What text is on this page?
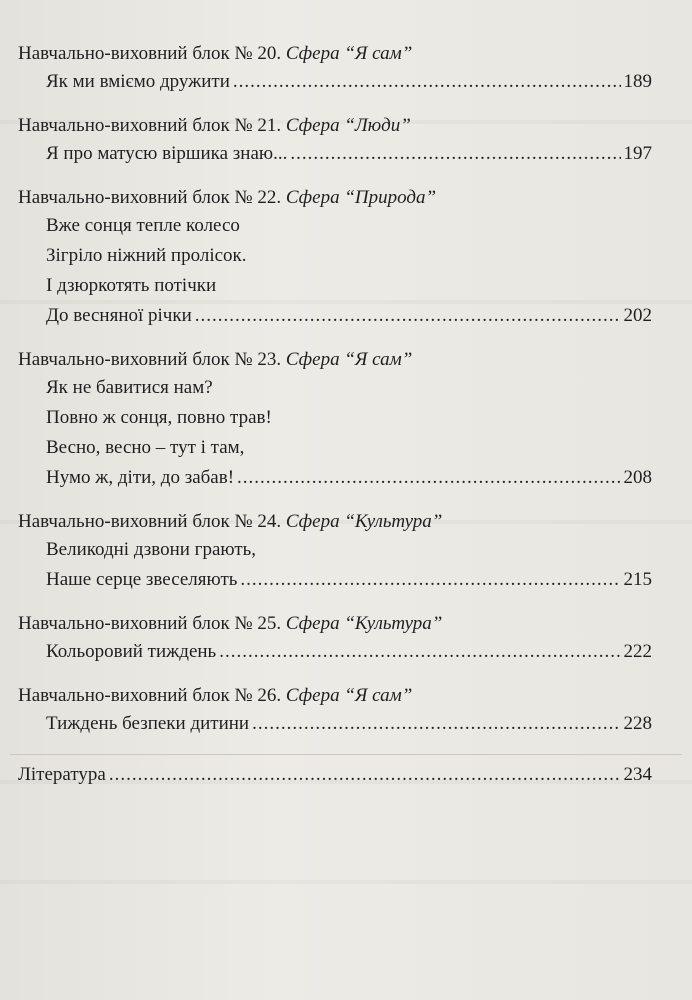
Навчально-виховний блок № 20. Сфера “Я сам”
Як ми вміємо дружити .....	189
Навчально-виховний блок № 21. Сфера “Люди”
Я про матусю віршика знаю... .....	197
Навчально-виховний блок № 22. Сфера “Природа”
Вже сонця тепле колесо
Зігріло ніжний пролісок.
І дзюркотять потічки
До весняної річки .....	202
Навчально-виховний блок № 23. Сфера “Я сам”
Як не бавитися нам?
Повно ж сонця, повно трав!
Весно, весно – тут і там,
Нумо ж, діти, до забав! .....	208
Навчально-виховний блок № 24. Сфера “Культура”
Великодні дзвони грають,
Наше серце звеселяють .....	215
Навчально-виховний блок № 25. Сфера “Культура”
Кольоровий тиждень .....	222
Навчально-виховний блок № 26. Сфера “Я сам”
Тиждень безпеки дитини .....	228
Література .....	234
